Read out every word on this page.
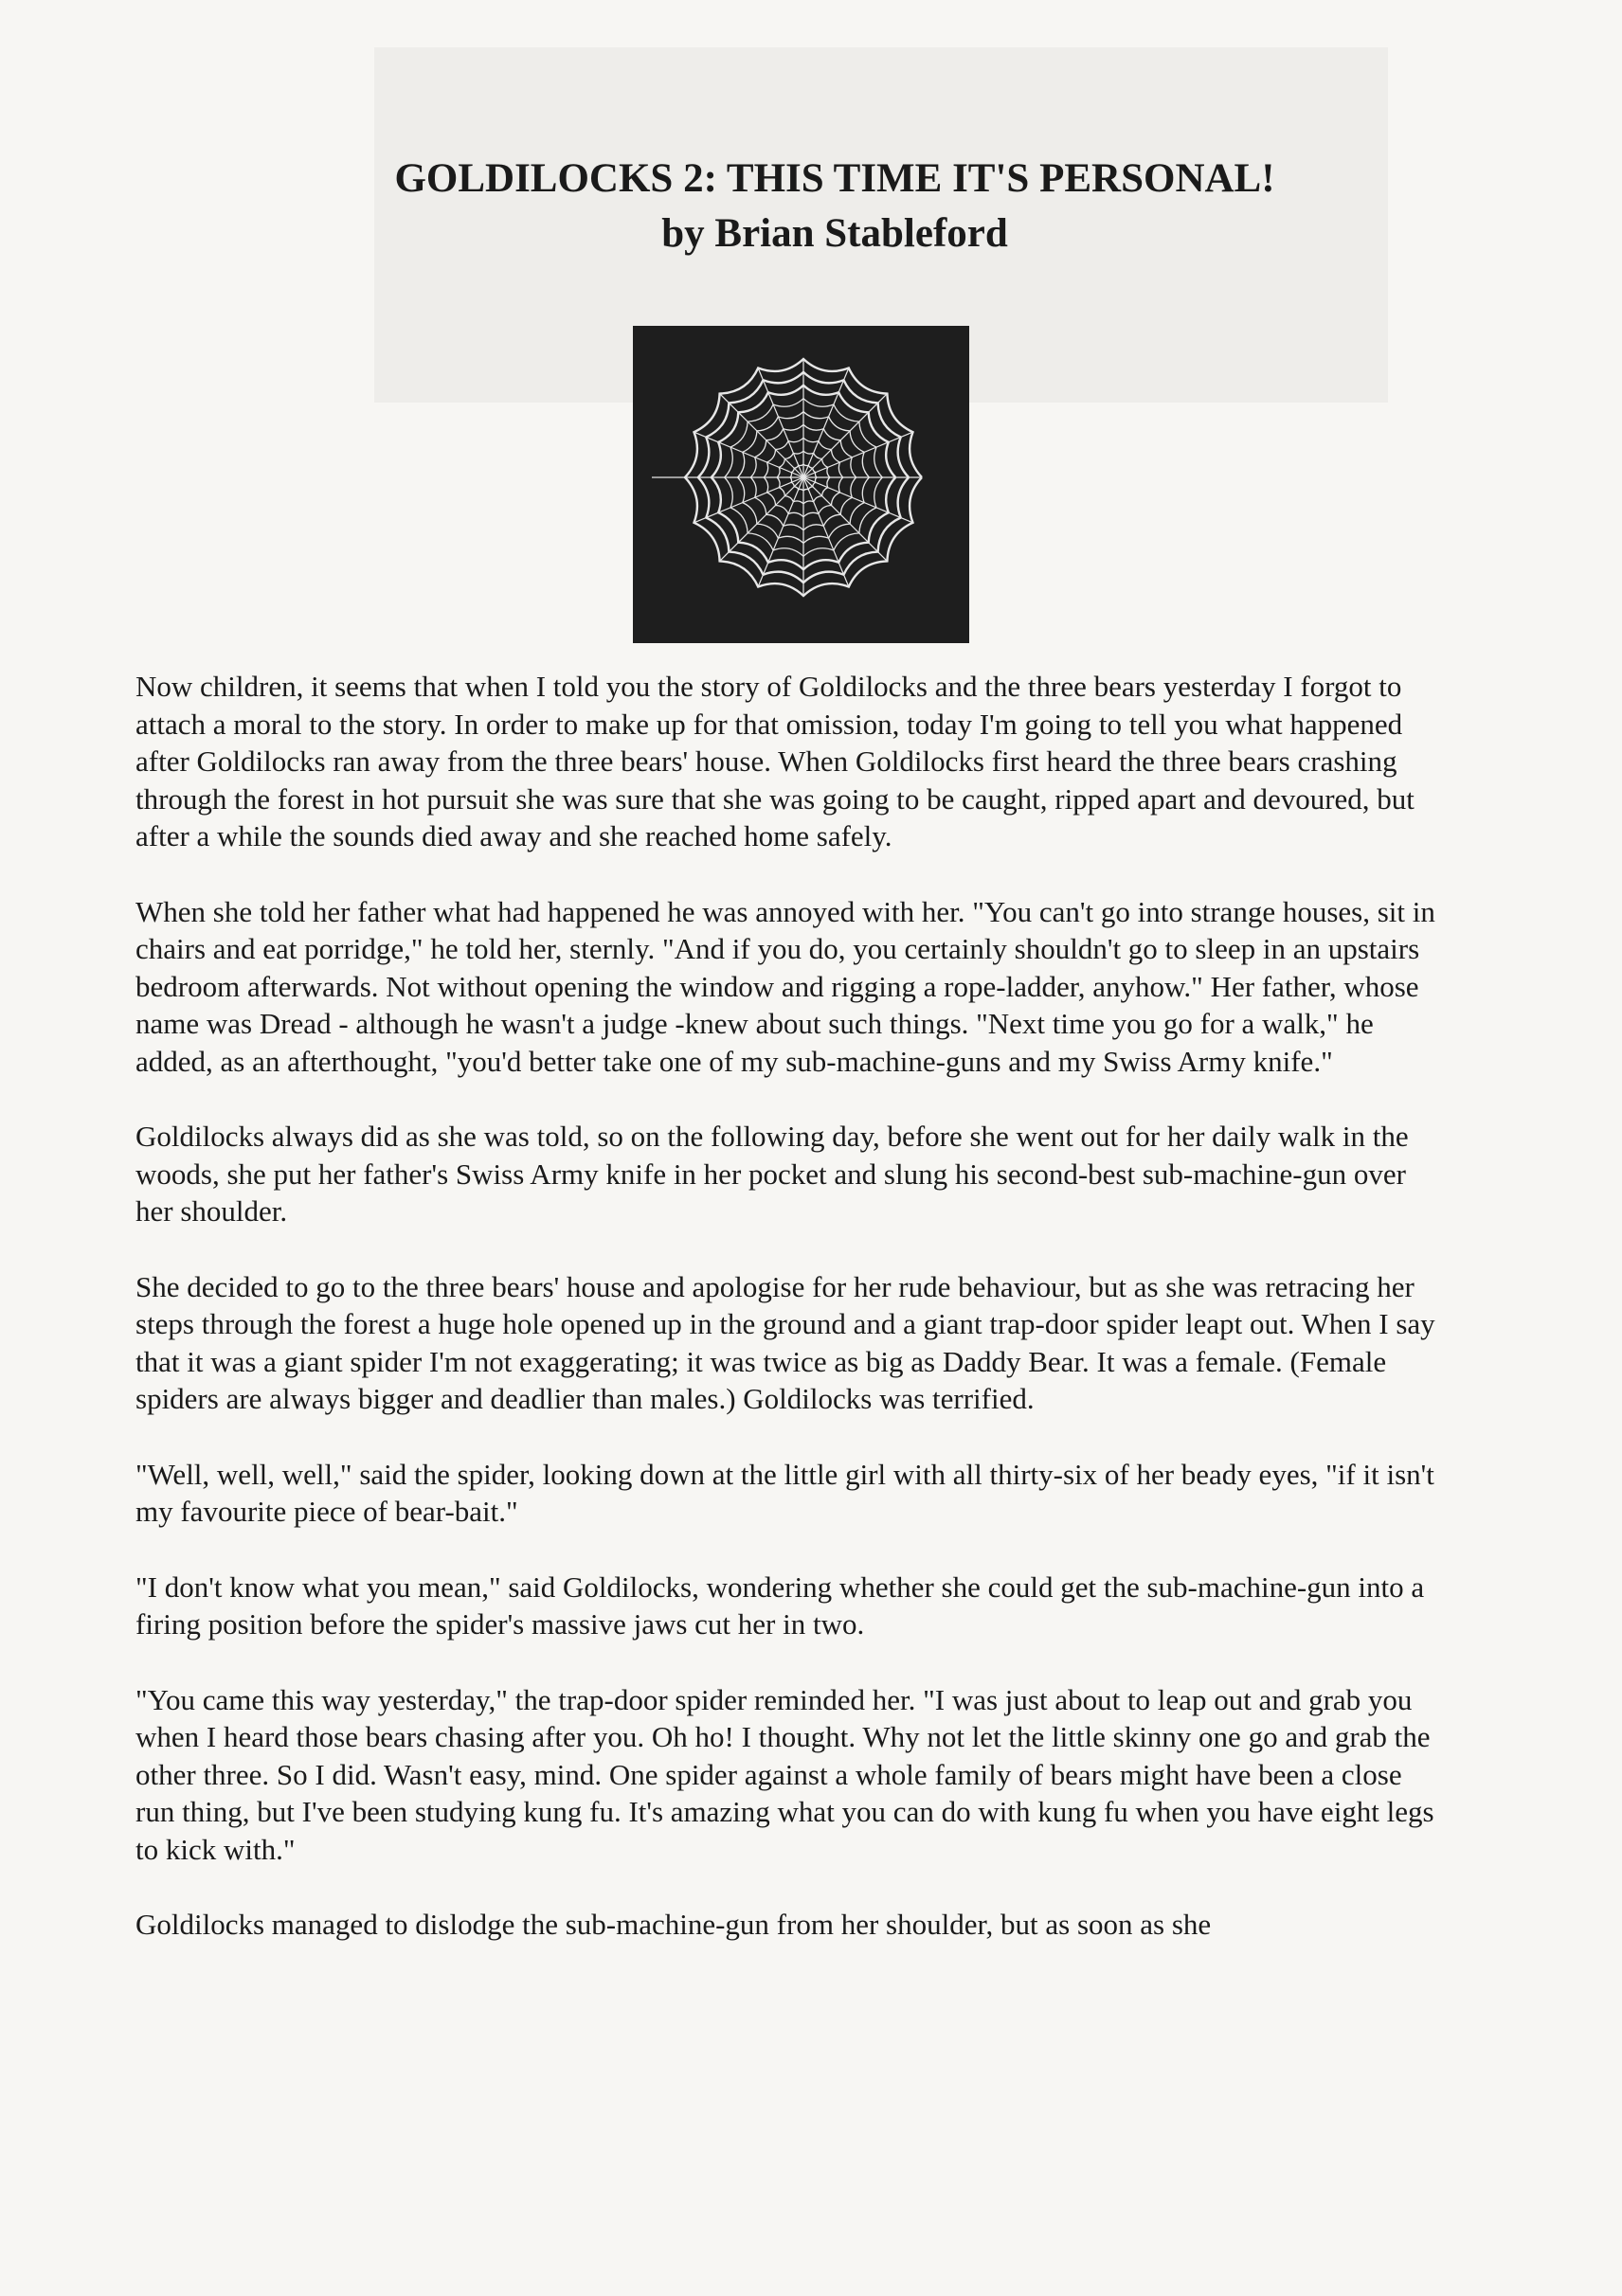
GOLDILOCKS 2: THIS TIME IT'S PERSONAL!
by Brian Stableford

Now children, it seems that when I told you the story of Goldilocks and the three bears yesterday I forgot to attach a moral to the story. In order to make up for that omission, today I'm going to tell you what happened after Goldilocks ran away from the three bears' house. When Goldilocks first heard the three bears crashing through the forest in hot pursuit she was sure that she was going to be caught, ripped apart and devoured, but after a while the sounds died away and she reached home safely.

When she told her father what had happened he was annoyed with her. "You can't go into strange houses, sit in chairs and eat porridge," he told her, sternly. "And if you do, you certainly shouldn't go to sleep in an upstairs bedroom afterwards. Not without opening the window and rigging a rope-ladder, anyhow." Her father, whose name was Dread - although he wasn't a judge -knew about such things. "Next time you go for a walk," he added, as an afterthought, "you'd better take one of my sub-machine-guns and my Swiss Army knife."

Goldilocks always did as she was told, so on the following day, before she went out for her daily walk in the woods, she put her father's Swiss Army knife in her pocket and slung his second-best sub-machine-gun over her shoulder.

She decided to go to the three bears' house and apologise for her rude behaviour, but as she was retracing her steps through the forest a huge hole opened up in the ground and a giant trap-door spider leapt out. When I say that it was a giant spider I'm not exaggerating; it was twice as big as Daddy Bear. It was a female. (Female spiders are always bigger and deadlier than males.) Goldilocks was terrified.

"Well, well, well," said the spider, looking down at the little girl with all thirty-six of her beady eyes, "if it isn't my favourite piece of bear-bait."

"I don't know what you mean," said Goldilocks, wondering whether she could get the sub-machine-gun into a firing position before the spider's massive jaws cut her in two.

"You came this way yesterday," the trap-door spider reminded her. "I was just about to leap out and grab you when I heard those bears chasing after you. Oh ho! I thought. Why not let the little skinny one go and grab the other three. So I did. Wasn't easy, mind. One spider against a whole family of bears might have been a close run thing, but I've been studying kung fu. It's amazing what you can do with kung fu when you have eight legs to kick with."

Goldilocks managed to dislodge the sub-machine-gun from her shoulder, but as soon as she
